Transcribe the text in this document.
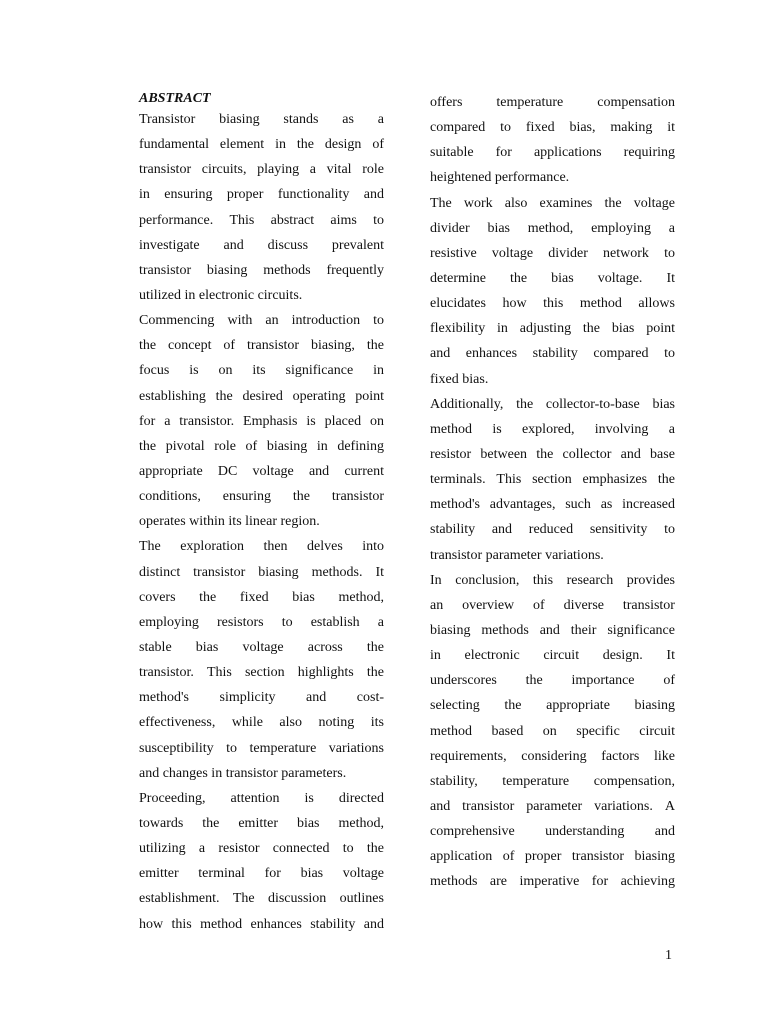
ABSTRACT
Transistor biasing stands as a
fundamental element in the design of
transistor circuits, playing a vital role
in ensuring proper functionality and
performance. This abstract aims to
investigate and discuss prevalent
transistor biasing methods frequently
utilized in electronic circuits.
Commencing with an introduction to
the concept of transistor biasing, the
focus is on its significance in
establishing the desired operating point
for a transistor. Emphasis is placed on
the pivotal role of biasing in defining
appropriate DC voltage and current
conditions, ensuring the transistor
operates within its linear region.
The exploration then delves into
distinct transistor biasing methods. It
covers the fixed bias method,
employing resistors to establish a
stable bias voltage across the
transistor. This section highlights the
method's simplicity and cost-
effectiveness, while also noting its
susceptibility to temperature variations
and changes in transistor parameters.
Proceeding, attention is directed
towards the emitter bias method,
utilizing a resistor connected to the
emitter terminal for bias voltage
establishment. The discussion outlines
how this method enhances stability and
offers temperature compensation
compared to fixed bias, making it
suitable for applications requiring
heightened performance.
The work also examines the voltage
divider bias method, employing a
resistive voltage divider network to
determine the bias voltage. It
elucidates how this method allows
flexibility in adjusting the bias point
and enhances stability compared to
fixed bias.
Additionally, the collector-to-base bias
method is explored, involving a
resistor between the collector and base
terminals. This section emphasizes the
method's advantages, such as increased
stability and reduced sensitivity to
transistor parameter variations.
In conclusion, this research provides
an overview of diverse transistor
biasing methods and their significance
in electronic circuit design. It
underscores the importance of
selecting the appropriate biasing
method based on specific circuit
requirements, considering factors like
stability, temperature compensation,
and transistor parameter variations. A
comprehensive understanding and
application of proper transistor biasing
methods are imperative for achieving
1
